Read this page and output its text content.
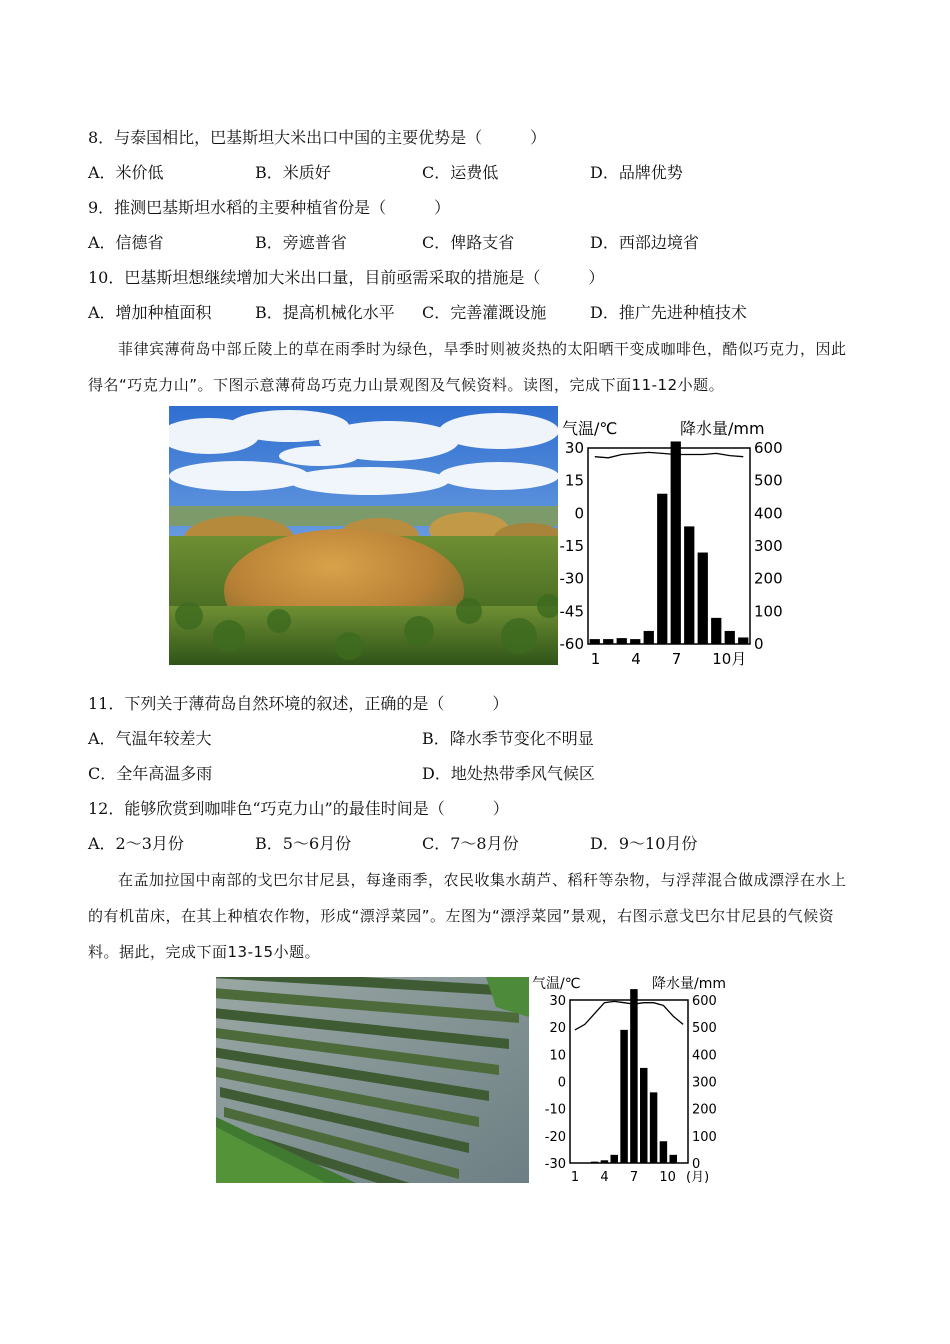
8．与泰国相比，巴基斯坦大米出口中国的主要优势是（　　　）
A．米价低	B．米质好	C．运费低	D．品牌优势
9．推测巴基斯坦水稻的主要种植省份是（　　　）
A．信德省	B．旁遮普省	C．俾路支省	D．西部边境省
10．巴基斯坦想继续增加大米出口量，目前亟需采取的措施是（　　　）
A．增加种植面积	B．提高机械化水平 C．完善灌溉设施	D．推广先进种植技术
菲律宾薄荷岛中部丘陵上的草在雨季时为绿色，旱季时则被炎热的太阳晒干变成咖啡色，酷似巧克力，因此得名“巧克力山”。下图示意薄荷岛巧克力山景观图及气候资料。读图，完成下面11-12小题。
气温/℃	降水量/mm
30	600
15	500
0	400
-15	300
-30	200
-45	100
-60	0
1 4 7 10月
11．下列关于薄荷岛自然环境的叙述，正确的是（　　　）
A．气温年较差大	B．降水季节变化不明显
C．全年高温多雨	D．地处热带季风气候区
12．能够欣赏到咖啡色“巧克力山”的最佳时间是（　　　）
A．2～3月份	B．5～6月份	C．7～8月份	D．9～10月份
在孟加拉国中南部的戈巴尔甘尼县，每逢雨季，农民收集水葫芦、稻秆等杂物，与浮萍混合做成漂浮在水上的有机苗床，在其上种植农作物，形成“漂浮菜园”。左图为“漂浮菜园”景观，右图示意戈巴尔甘尼县的气候资料。据此，完成下面13-15小题。
气温/℃	降水量/mm
30	600
20	500
10	400
0	300
-10	200
-20	100
-30	0
1 4 7 10 (月)
